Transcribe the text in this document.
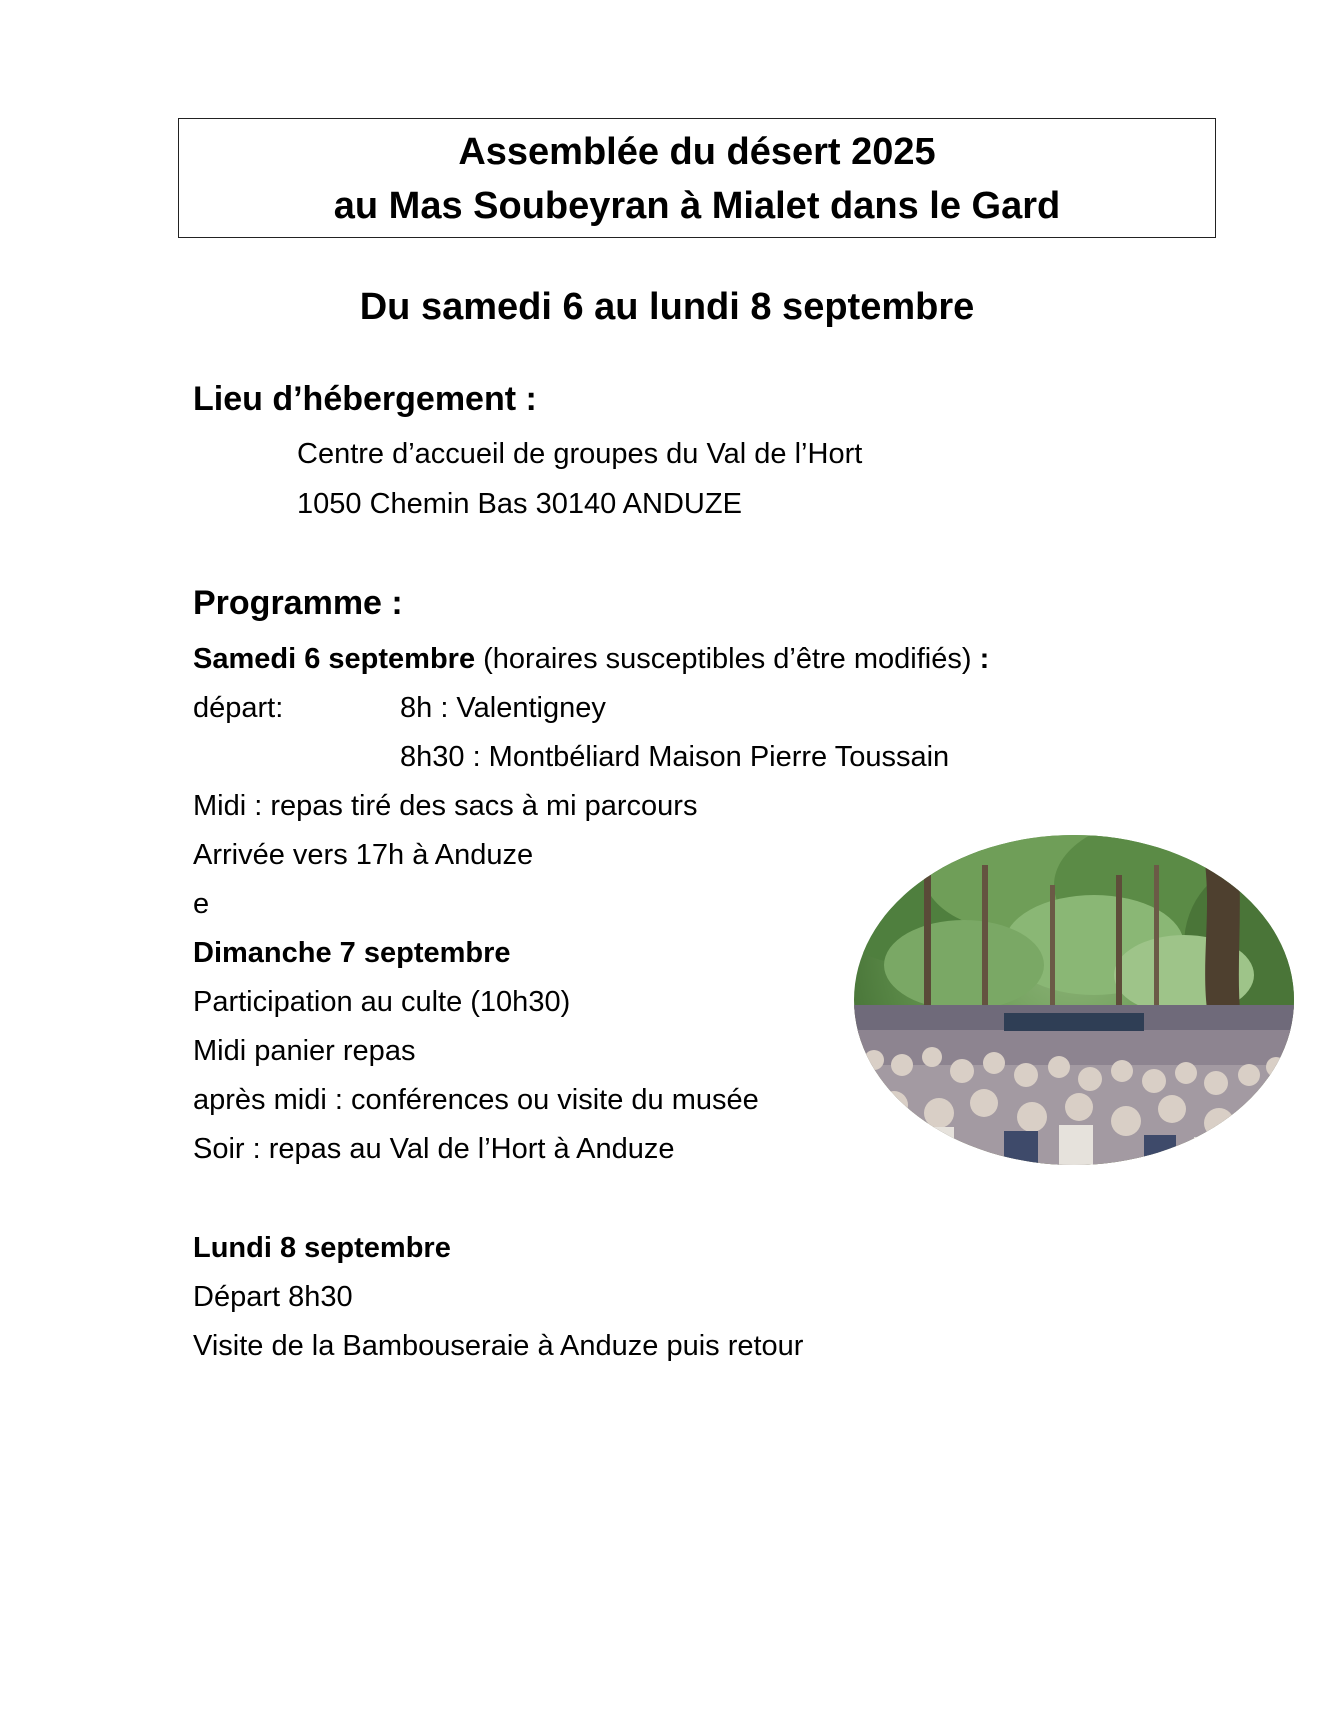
Assemblée du désert 2025
au Mas Soubeyran à Mialet dans le Gard
Du samedi 6 au lundi 8 septembre
Lieu d’hébergement :
Centre d’accueil de groupes du Val de l’Hort
1050 Chemin Bas 30140 ANDUZE
Programme :
Samedi 6 septembre (horaires susceptibles d’être modifiés) :
départ:	8h : Valentigney
8h30 : Montbéliard Maison Pierre Toussain
Midi : repas tiré des sacs à mi parcours
Arrivée vers 17h à Anduze
e
Dimanche 7 septembre
Participation au culte (10h30)
Midi panier repas
après midi : conférences ou visite du musée
Soir : repas au Val de l’Hort à Anduze
Lundi 8 septembre
Départ 8h30
Visite de la Bambouseraie à Anduze puis retour
